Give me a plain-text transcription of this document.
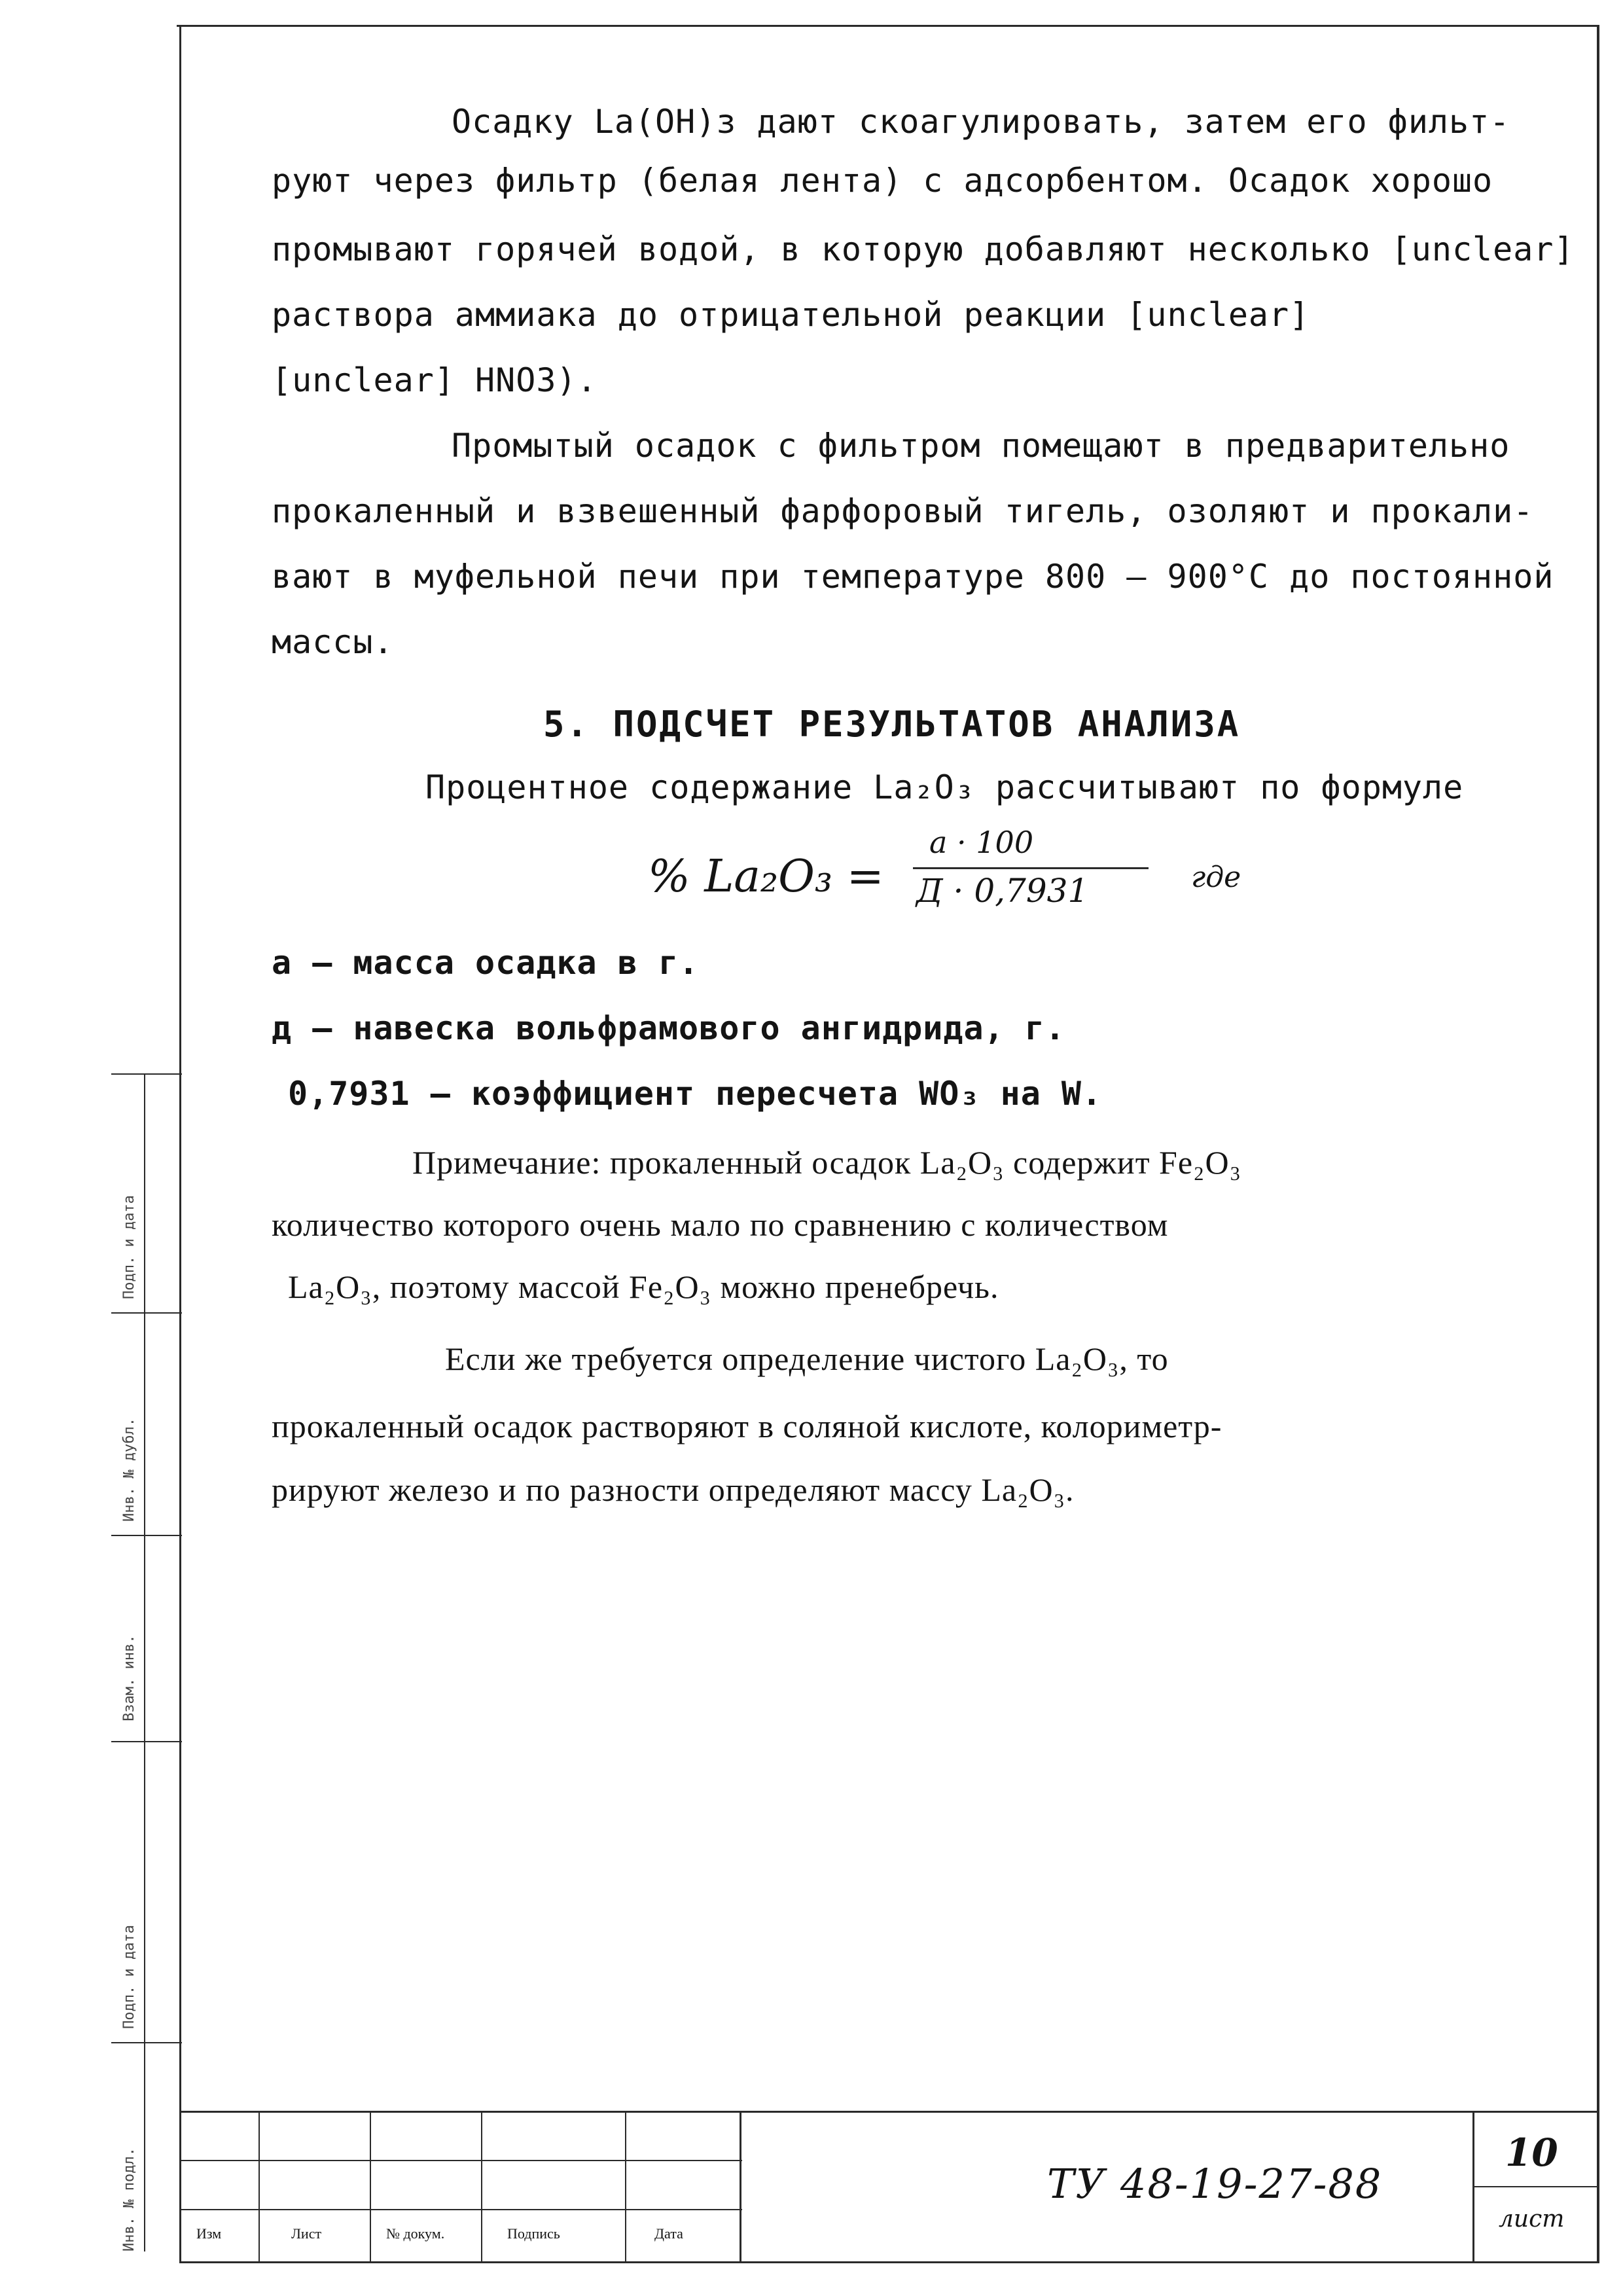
Осадку La(OH)з дают скоагулировать, затем его фильт-
руют через фильтр (белая лента) с адсорбентом. Осадок хорошо
промывают горячей водой, в которую добавляют несколько [unclear]
раствора аммиака до отрицательной реакции [unclear]
[unclear] HNO3).
Промытый осадок с фильтром помещают в предварительно
прокаленный и взвешенный фарфоровый тигель, озоляют и прокали-
вают в муфельной печи при температуре 800 – 900°C до постоянной
массы.
5. ПОДСЧЕТ РЕЗУЛЬТАТОВ АНАЛИЗА
Процентное содержание La₂O₃ рассчитывают по формуле
% La₂O₃ =
a · 100
Д · 0,7931	где
а – масса осадка в г.
д – навеска вольфрамового ангидрида, г.
0,7931 – коэффициент пересчета WO₃ на W.
Примечание: прокаленный осадок La₂O₃ содержит Fe₂O₃
количество которого очень мало по сравнению с количеством
La₂O₃, поэтому массой Fe₂O₃ можно пренебречь.
Если же требуется определение чистого La₂O₃, то
прокаленный осадок растворяют в соляной кислоте, колориметр-
рируют железо и по разности определяют массу La₂O₃.
Подп. и дата
Инв. № дубл.
Взам. инв.
Подп. и дата
Инв. № подл.	Изм	Лист	№ докум.	Подпись	Дата
ТУ 48-19-27-88
10
лист
